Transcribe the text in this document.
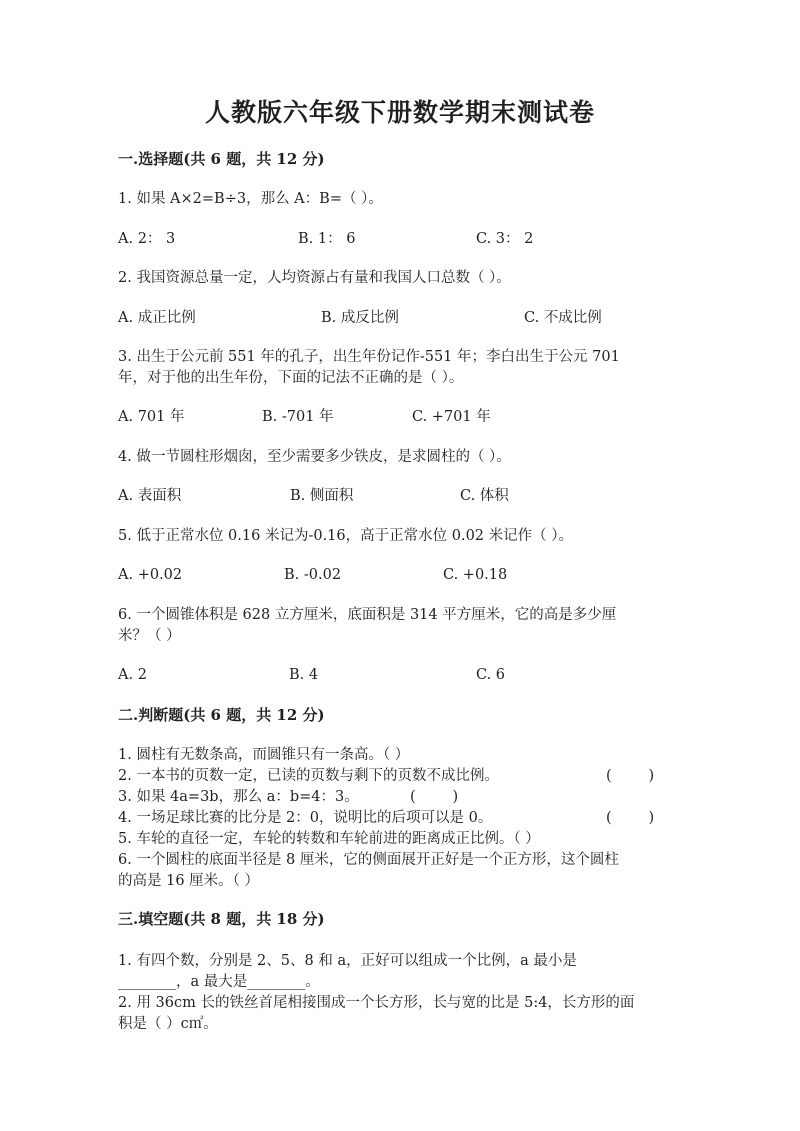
人教版六年级下册数学期末测试卷
一.选择题(共 6 题，共 12 分)
1. 如果 A×2=B÷3，那么 A：B=（ ）。
A. 2： 3	B. 1： 6	C. 3： 2
2. 我国资源总量一定，人均资源占有量和我国人口总数（ ）。
A. 成正比例	B. 成反比例	C. 不成比例
3. 出生于公元前 551 年的孔子，出生年份记作-551 年；李白出生于公元 701
年，对于他的出生年份，下面的记法不正确的是（ ）。
A. 701 年	B. -701 年	C. +701 年
4. 做一节圆柱形烟囱，至少需要多少铁皮，是求圆柱的（ ）。
A. 表面积	B. 侧面积	C. 体积
5. 低于正常水位 0.16 米记为-0.16，高于正常水位 0.02 米记作（ ）。
A. +0.02	B. -0.02	C. +0.18
6. 一个圆锥体积是 628 立方厘米，底面积是 314 平方厘米，它的高是多少厘
米？（ ）
A. 2	B. 4	C. 6
二.判断题(共 6 题，共 12 分)
1. 圆柱有无数条高，而圆锥只有一条高。（ ）
2. 一本书的页数一定，已读的页数与剩下的页数不成比例。	(        )
3. 如果 4a=3b，那么 a：b=4：3。	(        )
4. 一场足球比赛的比分是 2：0，说明比的后项可以是 0。	(        )
5. 车轮的直径一定，车轮的转数和车轮前进的距离成正比例。（ ）
6. 一个圆柱的底面半径是 8 厘米，它的侧面展开正好是一个正方形，这个圆柱
的高是 16 厘米。（ ）
三.填空题(共 8 题，共 18 分)
1. 有四个数，分别是 2、5、8 和 a，正好可以组成一个比例，a 最小是
________，a 最大是________。
2. 用 36cm 长的铁丝首尾相接围成一个长方形，长与宽的比是 5:4，长方形的面
积是（ ）c㎡。
